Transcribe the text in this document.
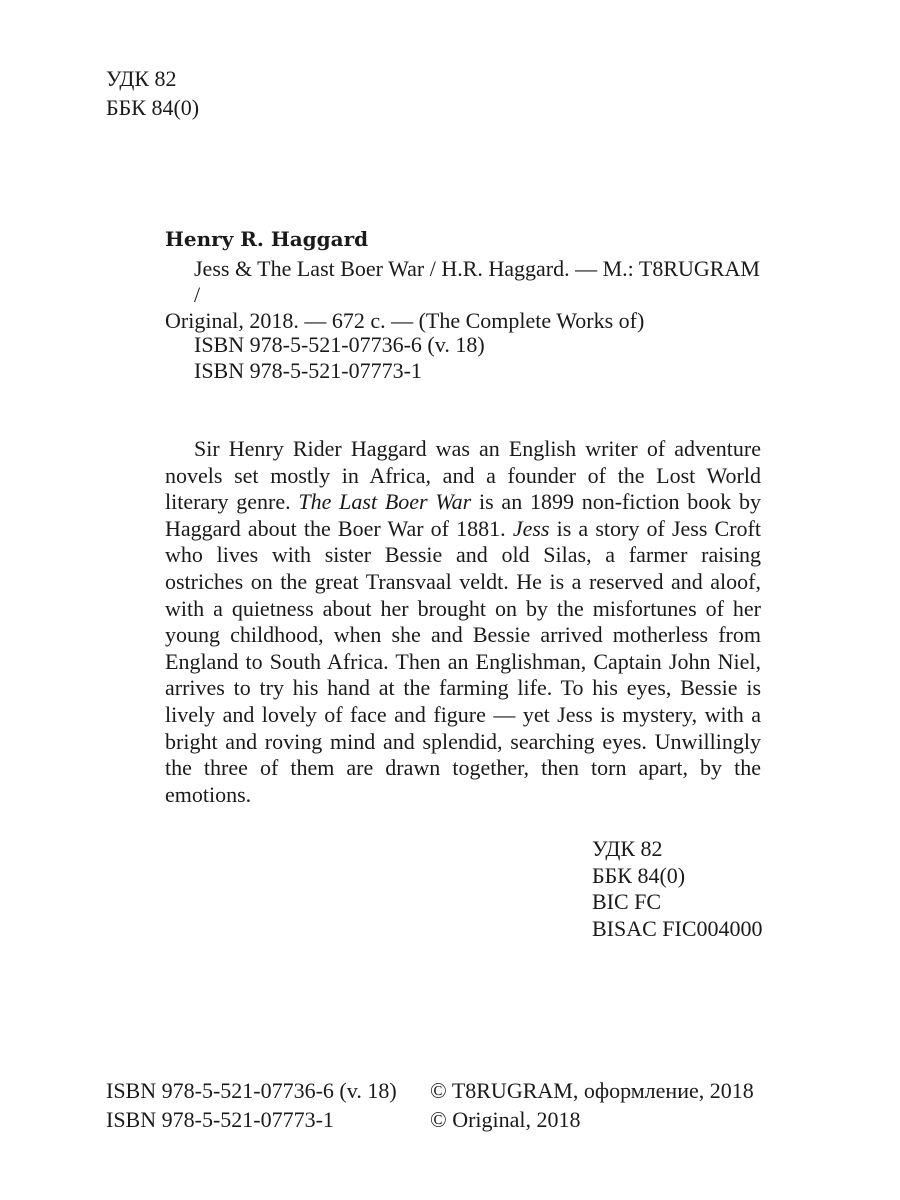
УДК 82
ББК 84(0)
Henry R. Haggard
Jess & The Last Boer War / H.R. Haggard. — M.: T8RUGRAM /
Original, 2018. — 672 c. — (The Complete Works of)
ISBN 978-5-521-07736-6 (v. 18)
ISBN 978-5-521-07773-1
Sir Henry Rider Haggard was an English writer of adventure novels set mostly in Africa, and a founder of the Lost World literary genre. The Last Boer War is an 1899 non-fiction book by Haggard about the Boer War of 1881. Jess is a story of Jess Croft who lives with sister Bessie and old Silas, a farmer raising ostriches on the great Transvaal veldt. He is a reserved and aloof, with a quietness about her brought on by the misfortunes of her young childhood, when she and Bessie arrived motherless from England to South Africa. Then an Englishman, Captain John Niel, arrives to try his hand at the farming life. To his eyes, Bessie is lively and lovely of face and figure — yet Jess is mystery, with a bright and roving mind and splendid, searching eyes. Unwillingly the three of them are drawn together, then torn apart, by the emotions.
УДК 82
ББК 84(0)
BIC FC
BISAC FIC004000
ISBN 978-5-521-07736-6 (v. 18)
ISBN 978-5-521-07773-1
© T8RUGRAM, оформление, 2018
© Original, 2018
